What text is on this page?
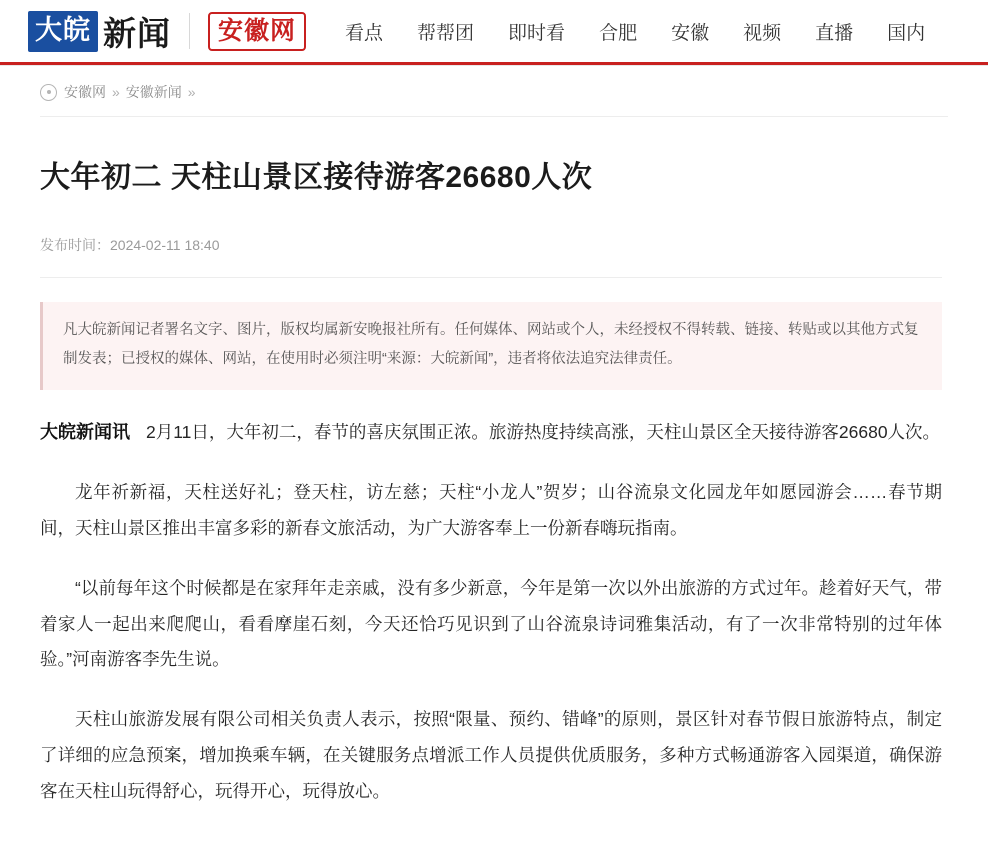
大皖 新闻	安徽网	看点	帮帮团	即时看	合肥	安徽	视频	直播	国内
安徽网 » 安徽新闻 »
大年初二 天柱山景区接待游客26680人次
发布时间：2024-02-11 18:40
凡大皖新闻记者署名文字、图片，版权均属新安晚报社所有。任何媒体、网站或个人，未经授权不得转载、链接、转贴或以其他方式复制发表；已授权的媒体、网站，在使用时必须注明“来源：大皖新闻”，违者将依法追究法律责任。

大皖新闻讯 2月11日，大年初二，春节的喜庆氛围正浓。旅游热度持续高涨，天柱山景区全天接待游客26680人次。

龙年祈新福，天柱送好礼；登天柱，访左慈；天柱“小龙人”贺岁；山谷流泉文化园龙年如愿园游会……春节期间，天柱山景区推出丰富多彩的新春文旅活动，为广大游客奉上一份新春嗨玩指南。

“以前每年这个时候都是在家拜年走亲戚，没有多少新意，今年是第一次以外出旅游的方式过年。趁着好天气，带着家人一起出来爬爬山，看看摩崖石刻，今天还恰巧见识到了山谷流泉诗词雅集活动，有了一次非常特别的过年体验。”河南游客李先生说。

天柱山旅游发展有限公司相关负责人表示，按照“限量、预约、错峰”的原则，景区针对春节假日旅游特点，制定了详细的应急预案，增加换乘车辆，在关键服务点增派工作人员提供优质服务，多种方式畅通游客入园渠道，确保游客在天柱山玩得舒心，玩得开心，玩得放心。
